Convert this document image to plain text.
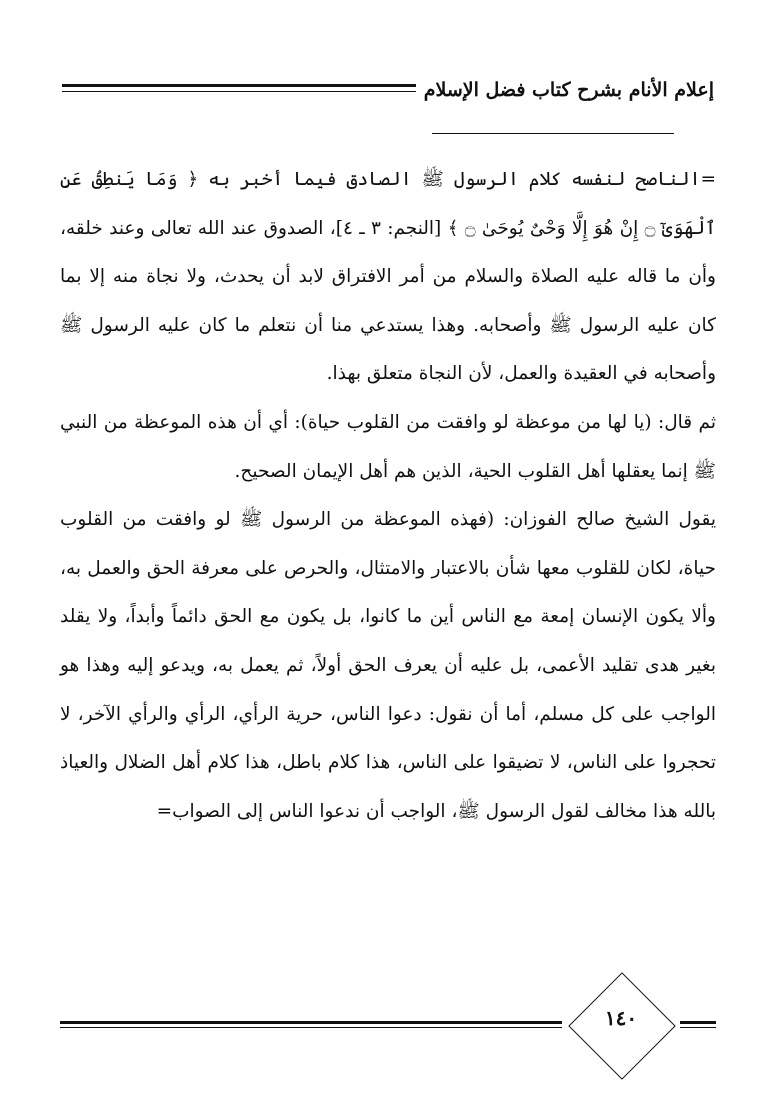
إعلام الأنام بشرح كتاب فضل الإسلام

=الناصح لنفسه كلام الرسول ﷺ الصادق فيما أخبر به ﴿ وَمَا يَنطِقُ عَنِ ٱلْهَوَىٰٓ ۝ إِنْ هُوَ إِلَّا وَحْىٌ يُوحَىٰ ۝ ﴾ [النجم: ٣ ـ ٤]، الصدوق عند الله تعالى وعند خلقه، وأن ما قاله عليه الصلاة والسلام من أمر الافتراق لابد أن يحدث، ولا نجاة منه إلا بما كان عليه الرسول ﷺ وأصحابه. وهذا يستدعي منا أن نتعلم ما كان عليه الرسول ﷺ وأصحابه في العقيدة والعمل، لأن النجاة متعلق بهذا.

ثم قال: (يا لها من موعظة لو وافقت من القلوب حياة): أي أن هذه الموعظة من النبي ﷺ إنما يعقلها أهل القلوب الحية، الذين هم أهل الإيمان الصحيح.

يقول الشيخ صالح الفوزان: (فهذه الموعظة من الرسول ﷺ لو وافقت من القلوب حياة، لكان للقلوب معها شأن بالاعتبار والامتثال، والحرص على معرفة الحق والعمل به، وألا يكون الإنسان إمعة مع الناس أين ما كانوا، بل يكون مع الحق دائماً وأبداً، ولا يقلد بغير هدى تقليد الأعمى، بل عليه أن يعرف الحق أولاً، ثم يعمل به، ويدعو إليه وهذا هو الواجب على كل مسلم، أما أن نقول: دعوا الناس، حرية الرأي، الرأي والرأي الآخر، لا تحجروا على الناس، لا تضيقوا على الناس، هذا كلام باطل، هذا كلام أهل الضلال والعياذ بالله هذا مخالف لقول الرسول ﷺ، الواجب أن ندعوا الناس إلى الصواب=

١٤٠
